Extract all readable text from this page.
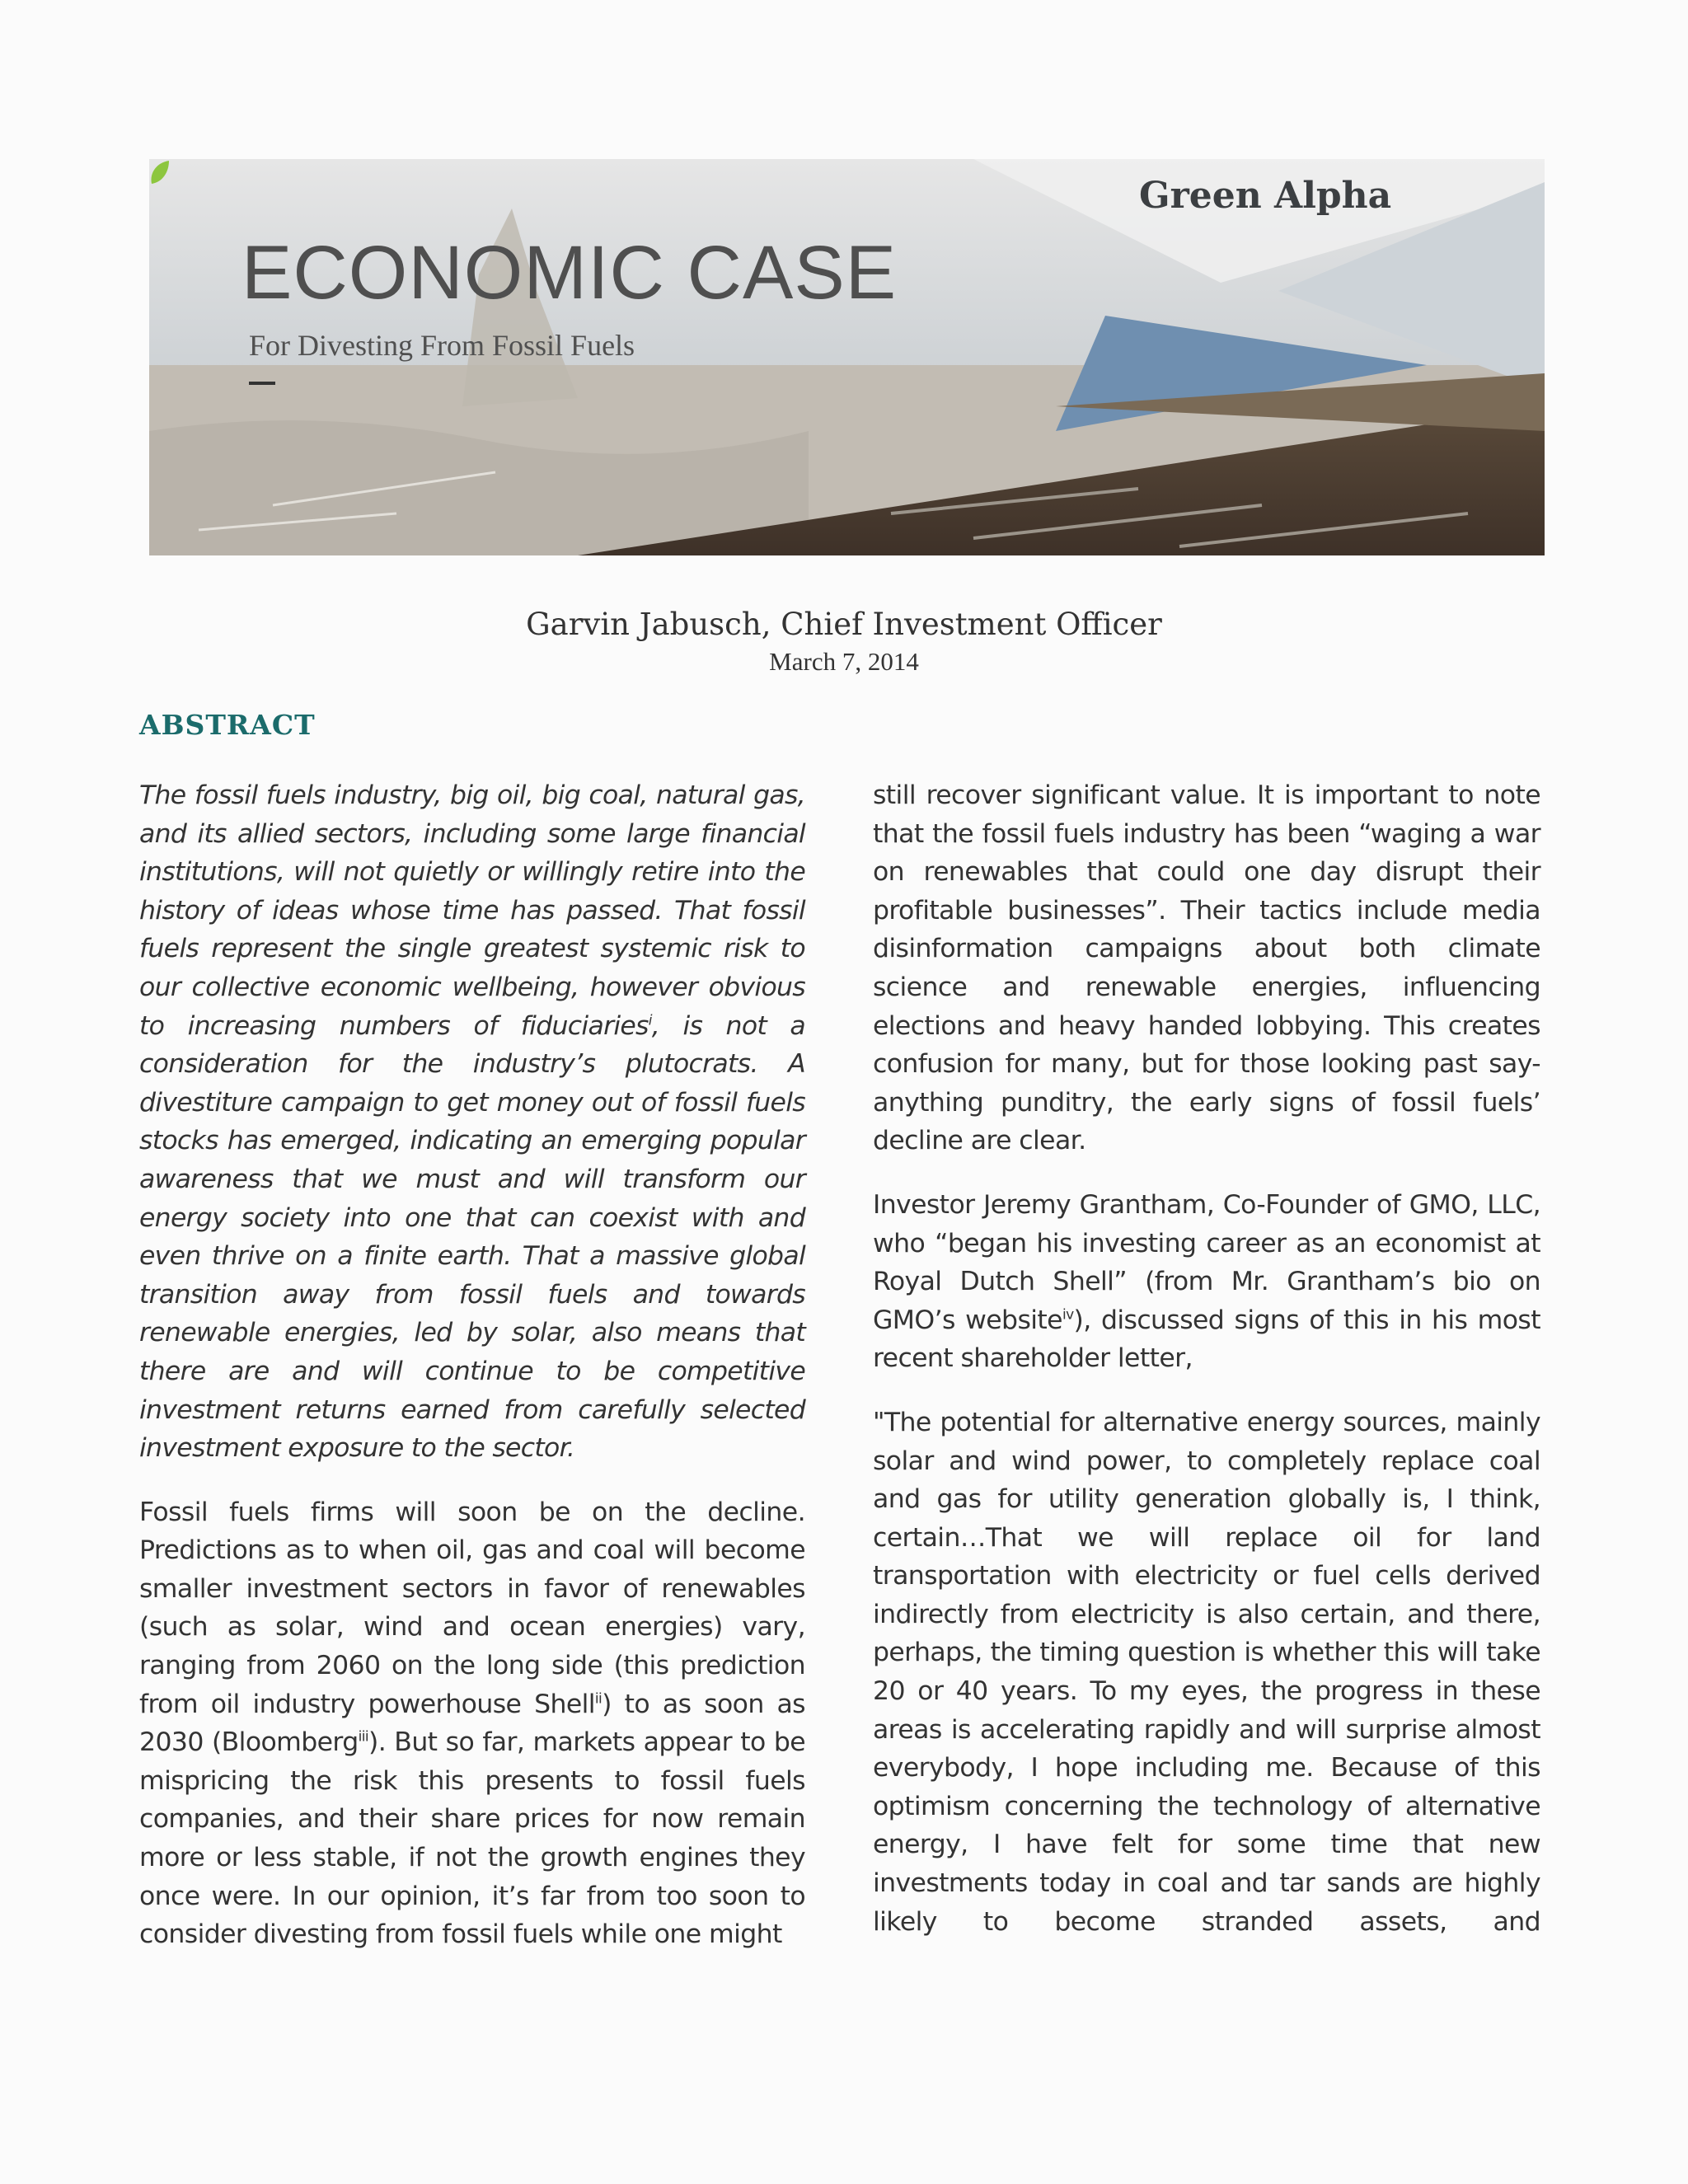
ECONOMIC CASE
For Divesting From Fossil Fuels
Green Alpha
Garvin Jabusch, Chief Investment Officer
March 7, 2014
ABSTRACT

The fossil fuels industry, big oil, big coal, natural gas, and its allied sectors, including some large financial institutions, will not quietly or willingly retire into the history of ideas whose time has passed. That fossil fuels represent the single greatest systemic risk to our collective economic wellbeing, however obvious to increasing numbers of fiduciaries$^i$, is not a consideration for the industry’s plutocrats. A divestiture campaign to get money out of fossil fuels stocks has emerged, indicating an emerging popular awareness that we must and will transform our energy society into one that can coexist with and even thrive on a finite earth. That a massive global transition away from fossil fuels and towards renewable energies, led by solar, also means that there are and will continue to be competitive investment returns earned from carefully selected investment exposure to the sector.

Fossil fuels firms will soon be on the decline. Predictions as to when oil, gas and coal will become smaller investment sectors in favor of renewables (such as solar, wind and ocean energies) vary, ranging from 2060 on the long side (this prediction from oil industry powerhouse Shell$^{ii}$) to as soon as 2030 (Bloomberg$^{iii}$). But so far, markets appear to be mispricing the risk this presents to fossil fuels companies, and their share prices for now remain more or less stable, if not the growth engines they once were. In our opinion, it’s far from too soon to consider divesting from fossil fuels while one might

still recover significant value. It is important to note that the fossil fuels industry has been “waging a war on renewables that could one day disrupt their profitable businesses”. Their tactics include media disinformation campaigns about both climate science and renewable energies, influencing elections and heavy handed lobbying. This creates confusion for many, but for those looking past say-anything punditry, the early signs of fossil fuels’ decline are clear.

Investor Jeremy Grantham, Co-Founder of GMO, LLC, who “began his investing career as an economist at Royal Dutch Shell” (from Mr. Grantham’s bio on GMO’s website$^{iv}$), discussed signs of this in his most recent shareholder letter,

"The potential for alternative energy sources, mainly solar and wind power, to completely replace coal and gas for utility generation globally is, I think, certain…That we will replace oil for land transportation with electricity or fuel cells derived indirectly from electricity is also certain, and there, perhaps, the timing question is whether this will take 20 or 40 years. To my eyes, the progress in these areas is accelerating rapidly and will surprise almost everybody, I hope including me. Because of this optimism concerning the technology of alternative energy, I have felt for some time that new investments today in coal and tar sands are highly likely to become stranded assets, and
